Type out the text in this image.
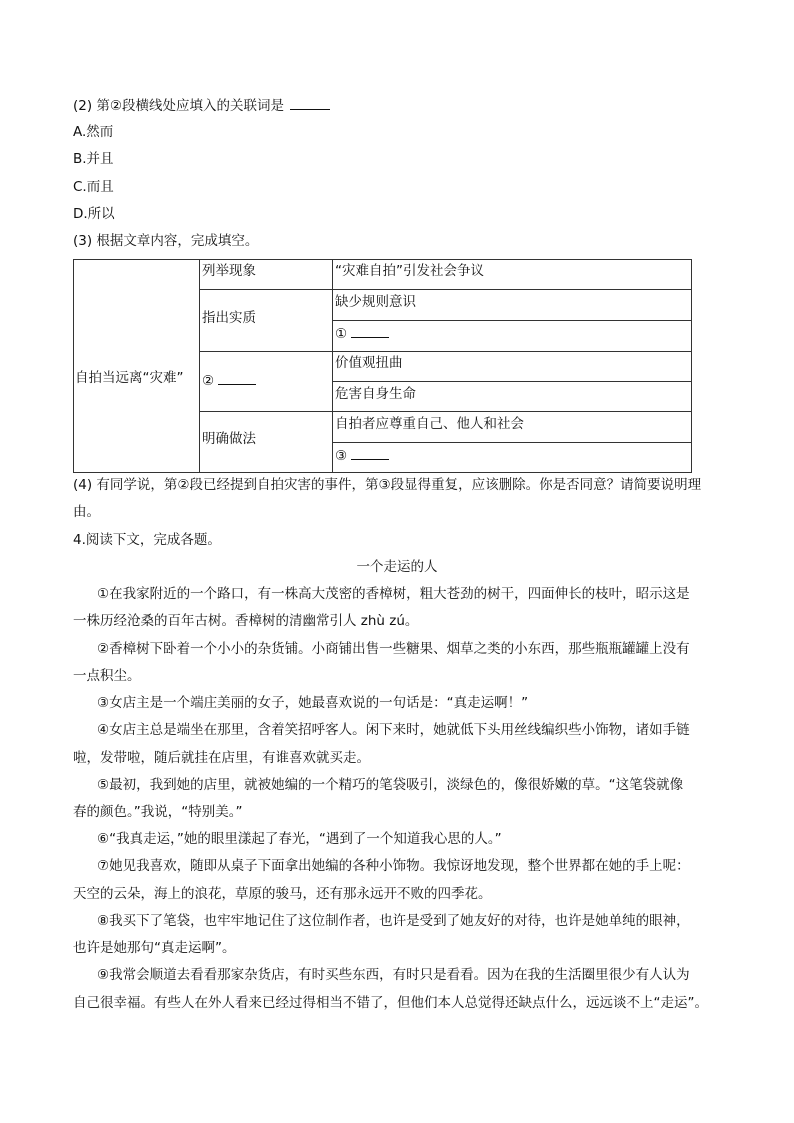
(2) 第②段横线处应填入的关联词是
A.然而
B.并且
C.而且
D.所以
(3) 根据文章内容，完成填空。
自拍当远离“灾难”
列举现象	“灾难自拍”引发社会争议
指出实质
缺少规则意识
①
②
价值观扭曲
危害自身生命
明确做法
自拍者应尊重自己、他人和社会
③
(4) 有同学说，第②段已经提到自拍灾害的事件，第③段显得重复，应该删除。你是否同意？请简要说明理
由。
4.阅读下文，完成各题。
一个走运的人
①在我家附近的一个路口，有一株高大茂密的香樟树，粗大苍劲的树干，四面伸长的枝叶，昭示这是
一株历经沧桑的百年古树。香樟树的清幽常引人 zhù zú。
②香樟树下卧着一个小小的杂货铺。小商铺出售一些糖果、烟草之类的小东西，那些瓶瓶罐罐上没有
一点积尘。
③女店主是一个端庄美丽的女子，她最喜欢说的一句话是：“真走运啊！”
④女店主总是端坐在那里，含着笑招呼客人。闲下来时，她就低下头用丝线编织些小饰物，诸如手链
啦，发带啦，随后就挂在店里，有谁喜欢就买走。
⑤最初，我到她的店里，就被她编的一个精巧的笔袋吸引，淡绿色的，像很娇嫩的草。“这笔袋就像
春的颜色。”我说，“特别美。”
⑥“我真走运，”她的眼里漾起了春光，“遇到了一个知道我心思的人。”
⑦她见我喜欢，随即从桌子下面拿出她编的各种小饰物。我惊讶地发现，整个世界都在她的手上呢：
天空的云朵，海上的浪花，草原的骏马，还有那永远开不败的四季花。
⑧我买下了笔袋，也牢牢地记住了这位制作者，也许是受到了她友好的对待，也许是她单纯的眼神，
也许是她那句“真走运啊”。
⑨我常会顺道去看看那家杂货店，有时买些东西，有时只是看看。因为在我的生活圈里很少有人认为
自己很幸福。有些人在外人看来已经过得相当不错了，但他们本人总觉得还缺点什么，远远谈不上“走运”。
